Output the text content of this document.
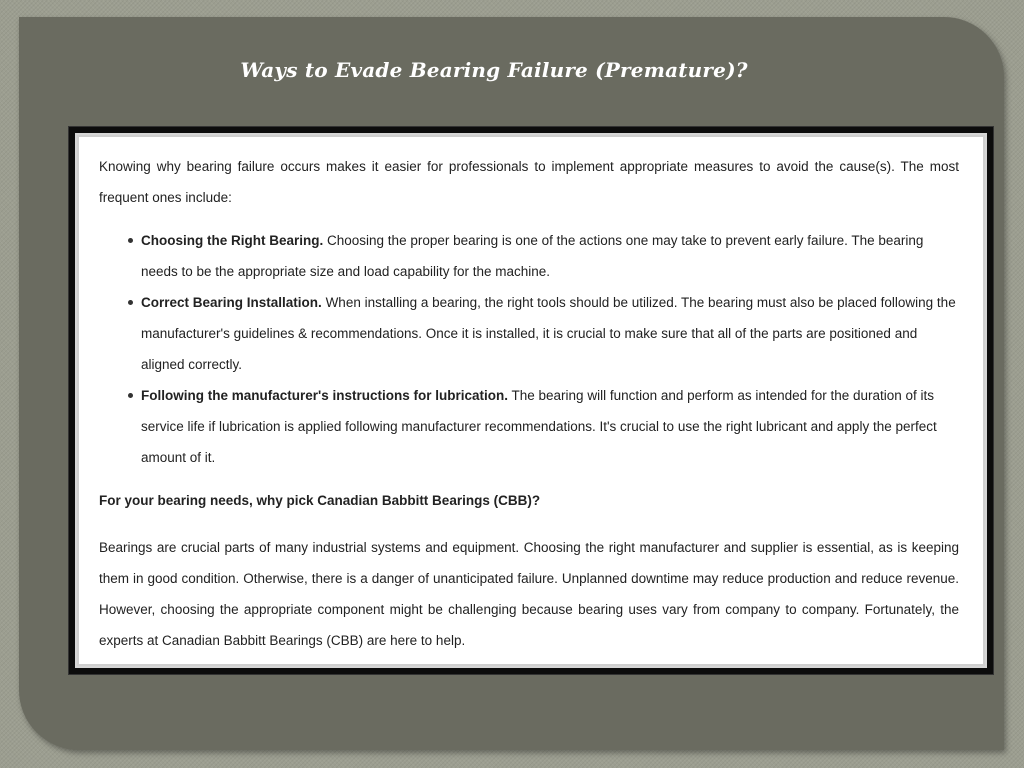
Ways to Evade Bearing Failure (Premature)?

Knowing why bearing failure occurs makes it easier for professionals to implement appropriate measures to avoid the cause(s). The most frequent ones include:

Choosing the Right Bearing. Choosing the proper bearing is one of the actions one may take to prevent early failure. The bearing needs to be the appropriate size and load capability for the machine.
Correct Bearing Installation. When installing a bearing, the right tools should be utilized. The bearing must also be placed following the manufacturer's guidelines & recommendations. Once it is installed, it is crucial to make sure that all of the parts are positioned and aligned correctly.
Following the manufacturer's instructions for lubrication. The bearing will function and perform as intended for the duration of its service life if lubrication is applied following manufacturer recommendations. It's crucial to use the right lubricant and apply the perfect amount of it.

For your bearing needs, why pick Canadian Babbitt Bearings (CBB)?

Bearings are crucial parts of many industrial systems and equipment. Choosing the right manufacturer and supplier is essential, as is keeping them in good condition. Otherwise, there is a danger of unanticipated failure. Unplanned downtime may reduce production and reduce revenue. However, choosing the appropriate component might be challenging because bearing uses vary from company to company. Fortunately, the experts at Canadian Babbitt Bearings (CBB) are here to help.
